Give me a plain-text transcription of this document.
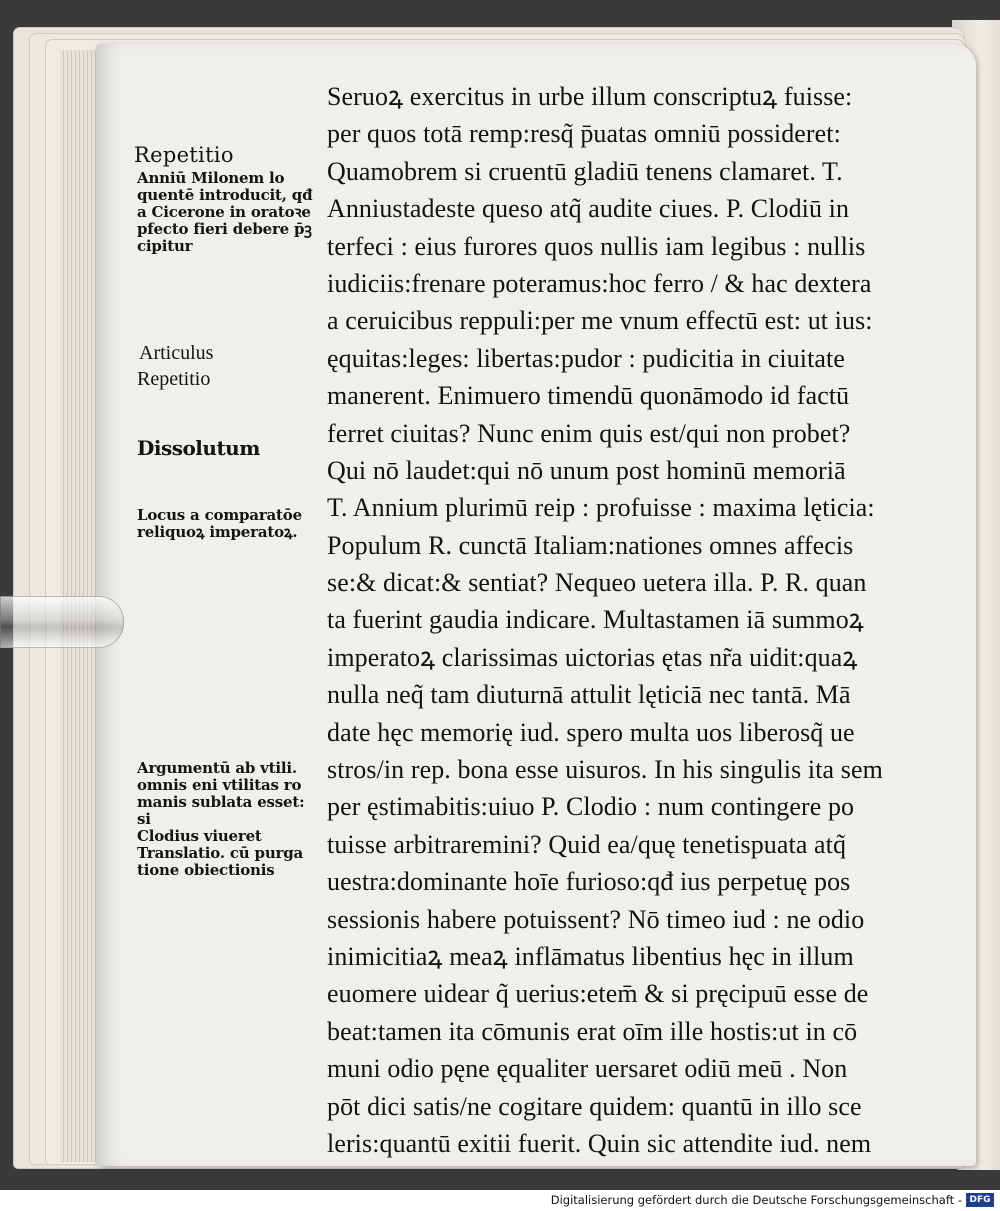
Repetitio
Anniū Milonem lo
quentē introducit, qđ
a Cicerone in oratoꝛe
pfecto fieri debere p̄ꝫ
cipitur
Articulus
Repetitio
Dissolutum
Locus a comparatōe
reliquoꝝ imperatoꝝ.
Argumentū ab vtili.
omnis eni vtilitas ro
manis sublata esset: si
Clodius viueret
Translatio. cū purga
tione obiectionis
Seruoꝝ exercitus in urbe illum conscriptuꝝ fuisse:
per quos totā remp:resq̃ p̄uatas omniū possideret:
Quamobrem si cruentū gladiū tenens clamaret. T.
Anniustadeste queso atq̃ audite ciues. P. Clodiū in
terfeci : eius furores quos nullis iam legibus : nullis
iudiciis:frenare poteramus:hoc ferro / & hac dextera
a ceruicibus reppuli:per me vnum effectū est: ut ius:
ęquitas:leges: libertas:pudor : pudicitia in ciuitate
manerent. Enimuero timendū quonāmodo id factū
ferret ciuitas? Nunc enim quis est/qui non probet?
Qui nō laudet:qui nō unum post hominū memoriā
T. Annium plurimū reip : profuisse : maxima lęticia:
Populum R. cunctā Italiam:nationes omnes affecis
se:& dicat:& sentiat? Nequeo uetera illa. P. R. quan
ta fuerint gaudia indicare. Multastamen iā summoꝝ
imperatoꝝ clarissimas uictorias ętas nr̃a uidit:quaꝝ
nulla neq̃ tam diuturnā attulit lęticiā nec tantā. Mā
date hęc memorię iud. spero multa uos liberosq̃ ue
stros/in rep. bona esse uisuros. In his singulis ita sem
per ęstimabitis:uiuo P. Clodio : num contingere po
tuisse arbitraremini? Quid ea/quę tenetispuata atq̃
uestra:dominante hoīe furioso:qđ ius perpetuę pos
sessionis habere potuissent? Nō timeo iud : ne odio
inimicitiaꝝ meaꝝ inflāmatus libentius hęc in illum
euomere uidear q̃ uerius:etem̄ & si pręcipuū esse de
beat:tamen ita cōmunis erat oīm ille hostis:ut in cō
muni odio pęne ęqualiter uersaret odiū meū . Non
pōt dici satis/ne cogitare quidem: quantū in illo sce
leris:quantū exitii fuerit. Quin sic attendite iud. nem
Digitalisierung gefördert durch die Deutsche Forschungsgemeinschaft - DFG
